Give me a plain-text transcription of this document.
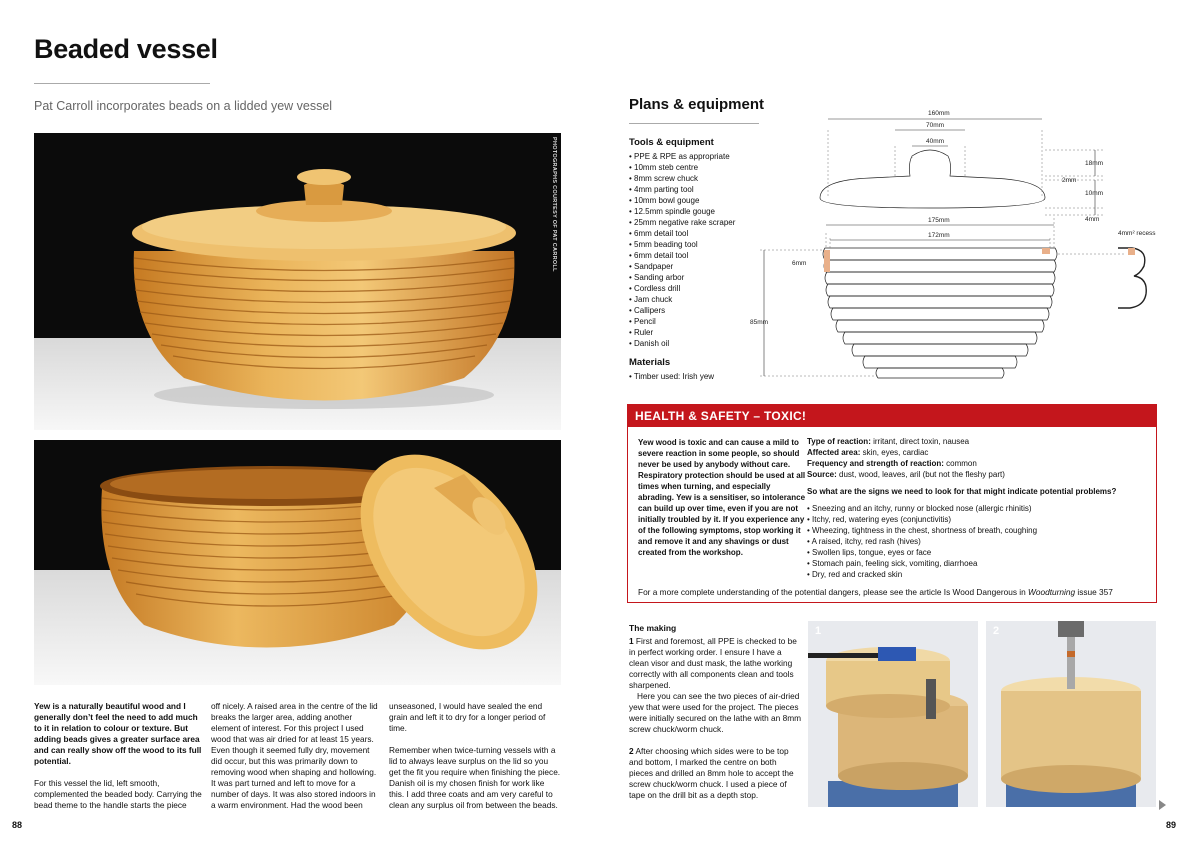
Beaded vessel
Pat Carroll incorporates beads on a lidded yew vessel
PHOTOGRAPHS COURTESY OF PAT CARROLL

Yew is a naturally beautiful wood and I generally don’t feel the need to add much to it in relation to colour or texture. But adding beads gives a greater surface area and can really show off the wood to its full potential.

For this vessel the lid, left smooth, complemented the beaded body. Carrying the bead theme to the handle starts the piece

off nicely. A raised area in the centre of the lid breaks the larger area, adding another element of interest. For this project I used wood that was air dried for at least 15 years. Even though it seemed fully dry, movement did occur, but this was primarily down to removing wood when shaping and hollowing. It was part turned and left to move for a number of days. It was also stored indoors in a warm environment. Had the wood been

unseasoned, I would have sealed the end grain and left it to dry for a longer period of time.

Remember when twice-turning vessels with a lid to always leave surplus on the lid so you get the fit you require when finishing the piece. Danish oil is my chosen finish for work like this. I add three coats and am very careful to clean any surplus oil from between the beads.

88
Plans & equipment
Tools & equipment
• PPE & RPE as appropriate
• 10mm steb centre
• 8mm screw chuck
• 4mm parting tool
• 10mm bowl gouge
• 12.5mm spindle gouge
• 25mm negative rake scraper
• 6mm detail tool
• 5mm beading tool
• 6mm detail tool
• Sandpaper
• Sanding arbor
• Cordless drill
• Jam chuck
• Callipers
• Pencil
• Ruler
• Danish oil
Materials
• Timber used: Irish yew
160mm
70mm
40mm
18mm
2mm
10mm
4mm
175mm
172mm
6mm
85mm
4mm² recess
HEALTH & SAFETY – TOXIC!
Yew wood is toxic and can cause a mild to severe reaction in some people, so should never be used by anybody without care. Respiratory protection should be used at all times when turning, and especially abrading. Yew is a sensitiser, so intolerance can build up over time, even if you are not initially troubled by it. If you experience any of the following symptoms, stop working it and remove it and any shavings or dust created from the workshop.
Type of reaction: irritant, direct toxin, nausea
Affected area: skin, eyes, cardiac
Frequency and strength of reaction: common
Source: dust, wood, leaves, aril (but not the fleshy part)
So what are the signs we need to look for that might indicate potential problems?
• Sneezing and an itchy, runny or blocked nose (allergic rhinitis)
• Itchy, red, watering eyes (conjunctivitis)
• Wheezing, tightness in the chest, shortness of breath, coughing
• A raised, itchy, red rash (hives)
• Swollen lips, tongue, eyes or face
• Stomach pain, feeling sick, vomiting, diarrhoea
• Dry, red and cracked skin
For a more complete understanding of the potential dangers, please see the article Is Wood Dangerous in Woodturning issue 357
The making

1 First and foremost, all PPE is checked to be in perfect working order. I ensure I have a clean visor and dust mask, the lathe working correctly with all components clean and tools sharpened.
Here you can see the two pieces of air-dried yew that were used for the project. The pieces were initially secured on the lathe with an 8mm screw chuck/worm chuck.

2 After choosing which sides were to be top and bottom, I marked the centre on both pieces and drilled an 8mm hole to accept the screw chuck/worm chuck. I used a piece of tape on the drill bit as a depth stop.

1	2
89
